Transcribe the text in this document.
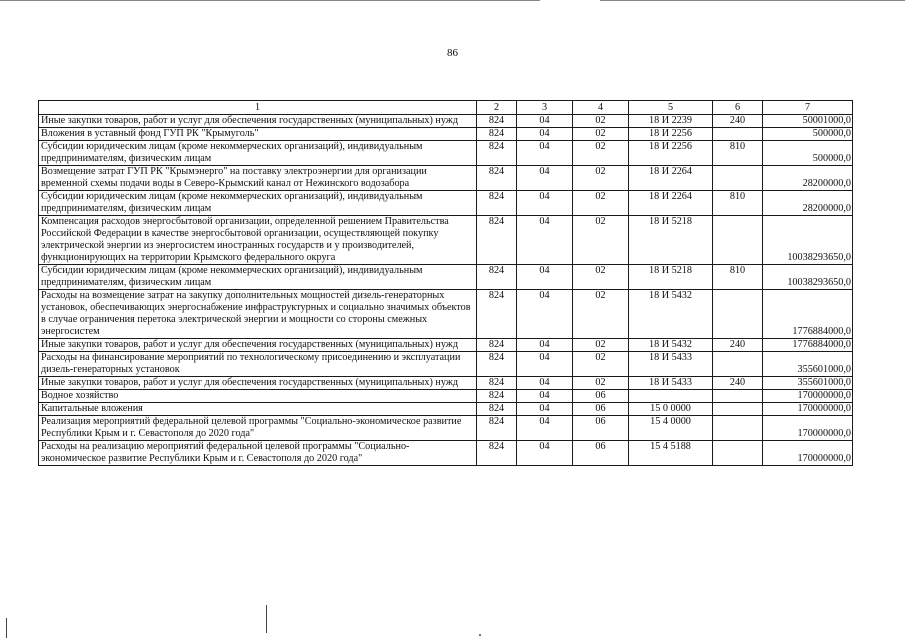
86
1	2	3	4	5	6	7
Иные закупки товаров, работ и услуг для обеспечения государственных (муниципальных) нужд	824	04	02	18 И 2239	240	50001000,0
Вложения в уставный фонд ГУП РК "Крымуголь"	824	04	02	18 И 2256		500000,0
Субсидии юридическим лицам (кроме некоммерческих организаций), индивидуальным предпринимателям, физическим лицам	824	04	02	18 И 2256	810	500000,0
Возмещение затрат ГУП РК "Крымэнерго" на поставку электроэнергии для организации временной схемы подачи воды в Северо-Крымский канал от Нежинского водозабора	824	04	02	18 И 2264		28200000,0
Субсидии юридическим лицам (кроме некоммерческих организаций), индивидуальным предпринимателям, физическим лицам	824	04	02	18 И 2264	810	28200000,0
Компенсация расходов энергосбытовой организации, определенной решением Правительства Российской Федерации в качестве энергосбытовой организации, осуществляющей покупку электрической энергии из энергосистем иностранных государств и у производителей, функционирующих на территории Крымского федерального округа	824	04	02	18 И 5218		10038293650,0
Субсидии юридическим лицам (кроме некоммерческих организаций), индивидуальным предпринимателям, физическим лицам	824	04	02	18 И 5218	810	10038293650,0
Расходы на возмещение затрат на закупку дополнительных мощностей дизель-генераторных установок, обеспечивающих энергоснабжение инфраструктурных и социально значимых объектов в случае ограничения перетока электрической энергии и мощности со стороны смежных энергосистем	824	04	02	18 И 5432		1776884000,0
Иные закупки товаров, работ и услуг для обеспечения государственных (муниципальных) нужд	824	04	02	18 И 5432	240	1776884000,0
Расходы на финансирование мероприятий по технологическому присоединению и эксплуатации дизель-генераторных установок	824	04	02	18 И 5433		355601000,0
Иные закупки товаров, работ и услуг для обеспечения государственных (муниципальных) нужд	824	04	02	18 И 5433	240	355601000,0
Водное хозяйство	824	04	06			170000000,0
Капитальные вложения	824	04	06	15 0 0000		170000000,0
Реализация мероприятий федеральной целевой программы "Социально-экономическое развитие Республики Крым и г. Севастополя до 2020 года"	824	04	06	15 4 0000		170000000,0
Расходы на реализацию мероприятий федеральной целевой программы "Социально-экономическое развитие Республики Крым и г. Севастополя до 2020 года"	824	04	06	15 4 5188		170000000,0
